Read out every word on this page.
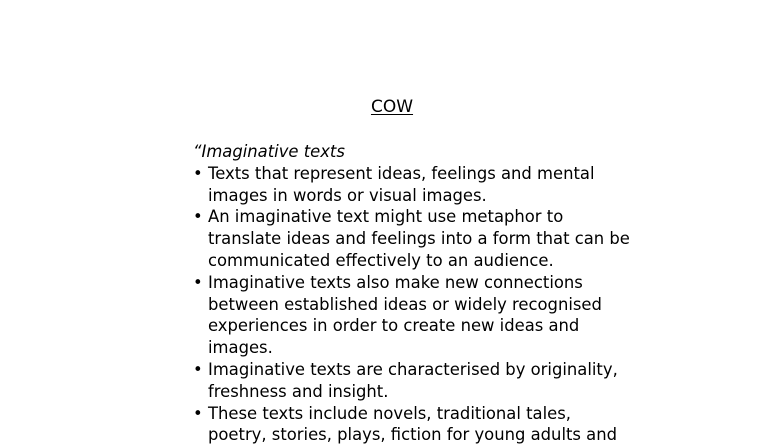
COW

“Imaginative texts

• Texts that represent ideas, feelings and mental images in words or visual images.
• An imaginative text might use metaphor to translate ideas and feelings into a form that can be communicated effectively to an audience.
• Imaginative texts also make new connections between established ideas or widely recognised experiences in order to create new ideas and images.
• Imaginative texts are characterised by originality, freshness and insight.
• These texts include novels, traditional tales, poetry, stories, plays, fiction for young adults and
